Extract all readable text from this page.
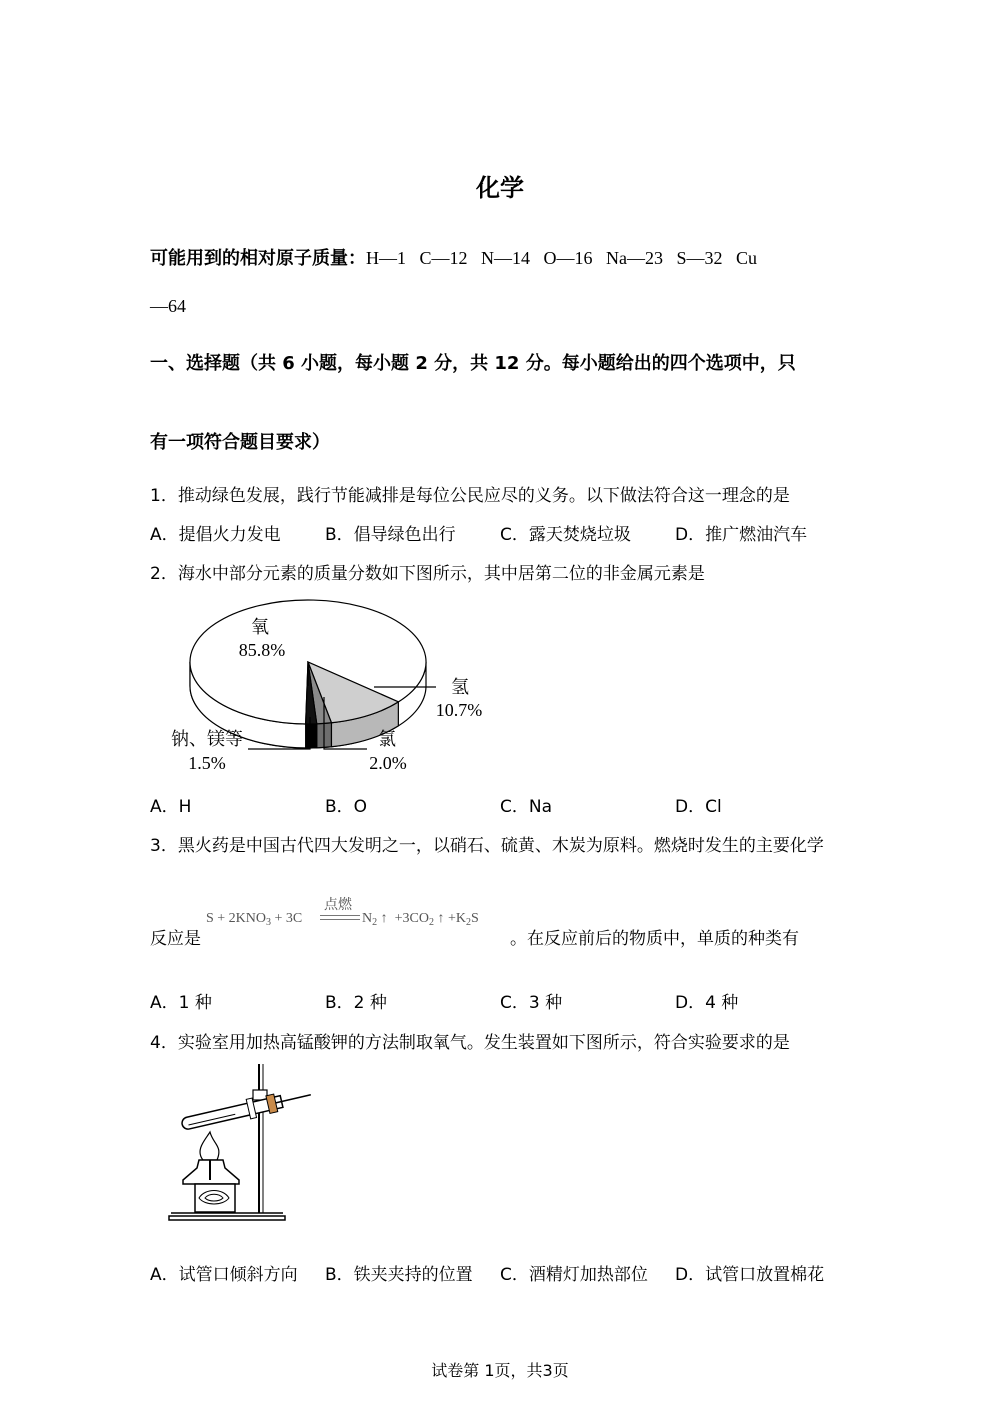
化学
可能用到的相对原子质量：H—1   C—12   N—14   O—16   Na—23   S—32   Cu
—64
一、选择题（共 6 小题，每小题 2 分，共 12 分。每小题给出的四个选项中，只
有一项符合题目要求）
1．推动绿色发展，践行节能减排是每位公民应尽的义务。以下做法符合这一理念的是
A．提倡火力发电	B．倡导绿色出行	C．露天焚烧垃圾	D．推广燃油汽车
2．海水中部分元素的质量分数如下图所示，其中居第二位的非金属元素是
氧
85.8%
氢
10.7%
氯
2.0%
钠、镁等
1.5%
A．H	B．O	C．Na	D．Cl
3．黑火药是中国古代四大发明之一，以硝石、硫黄、木炭为原料。燃烧时发生的主要化学
反应是
$S + 2KNO_3 + 3C$
点燃
$N_2$ ↑ $+3CO_2$ ↑ $+K_2S$
。在反应前后的物质中，单质的种类有
A．1 种	B．2 种	C．3 种	D．4 种
4．实验室用加热高锰酸钾的方法制取氧气。发生装置如下图所示，符合实验要求的是
A．试管口倾斜方向 B．铁夹夹持的位置 C．酒精灯加热部位 D．试管口放置棉花
试卷第 1页，共3页
